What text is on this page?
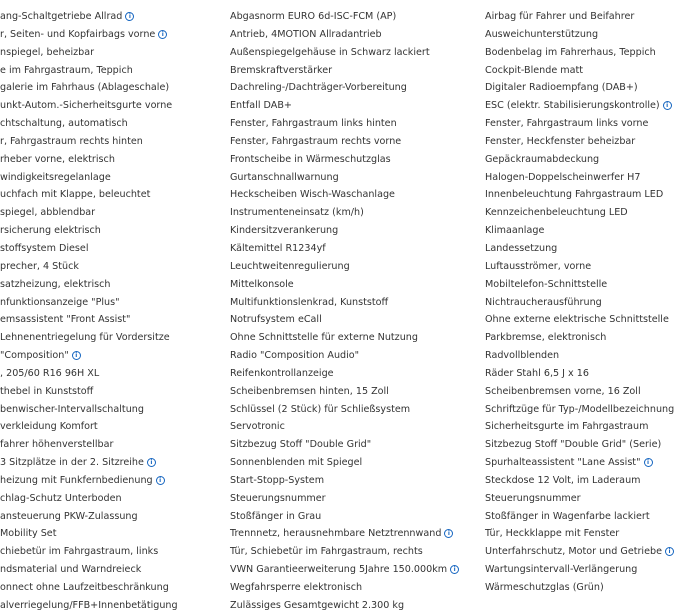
ang-Schaltgetriebe Allrad i
r, Seiten- und Kopfairbags vorne i
nspiegel, beheizbar
e im Fahrgastraum, Teppich
galerie im Fahrhaus (Ablageschale)
unkt-Autom.-Sicherheitsgurte vorne
chtschaltung, automatisch
r, Fahrgastraum rechts hinten
rheber vorne, elektrisch
windigkeitsregelanlage
uchfach mit Klappe, beleuchtet
spiegel, abblendbar
rsicherung elektrisch
stoffsystem Diesel
precher, 4 Stück
satzheizung, elektrisch
nfunktionsanzeige "Plus"
emsassistent "Front Assist"
Lehnenentriegelung für Vordersitze
"Composition" i
, 205/60 R16 96H XL
thebel in Kunststoff
benwischer-Intervallschaltung
verkleidung Komfort
fahrer höhenverstellbar
3 Sitzplätze in der 2. Sitzreihe i
heizung mit Funkfernbedienung i
chlag-Schutz Unterboden
ansteuerung PKW-Zulassung
Mobility Set
chiebetür im Fahrgastraum, links
ndsmaterial und Warndreieck
onnect ohne Laufzeitbeschränkung
alverriegelung/FFB+Innenbetätigung
Abgasnorm EURO 6d-ISC-FCM (AP)
Antrieb, 4MOTION Allradantrieb
Außenspiegelgehäuse in Schwarz lackiert
Bremskraftverstärker
Dachreling-/Dachträger-Vorbereitung
Entfall DAB+
Fenster, Fahrgastraum links hinten
Fenster, Fahrgastraum rechts vorne
Frontscheibe in Wärmeschutzglas
Gurtanschnallwarnung
Heckscheiben Wisch-Waschanlage
Instrumenteneinsatz (km/h)
Kindersitzverankerung
Kältemittel R1234yf
Leuchtweitenregulierung
Mittelkonsole
Multifunktionslenkrad, Kunststoff
Notrufsystem eCall
Ohne Schnittstelle für externe Nutzung
Radio "Composition Audio"
Reifenkontrollanzeige
Scheibenbremsen hinten, 15 Zoll
Schlüssel (2 Stück) für Schließsystem
Servotronic
Sitzbezug Stoff "Double Grid"
Sonnenblenden mit Spiegel
Start-Stopp-System
Steuerungsnummer
Stoßfänger in Grau
Trennnetz, herausnehmbare Netztrennwand i
Tür, Schiebetür im Fahrgastraum, rechts
VWN Garantieerweiterung 5Jahre 150.000km i
Wegfahrsperre elektronisch
Zulässiges Gesamtgewicht 2.300 kg
Airbag für Fahrer und Beifahrer
Ausweichunterstützung
Bodenbelag im Fahrerhaus, Teppich
Cockpit-Blende matt
Digitaler Radioempfang (DAB+)
ESC (elektr. Stabilisierungskontrolle) i
Fenster, Fahrgastraum links vorne
Fenster, Heckfenster beheizbar
Gepäckraumabdeckung
Halogen-Doppelscheinwerfer H7
Innenbeleuchtung Fahrgastraum LED
Kennzeichenbeleuchtung LED
Klimaanlage
Landessetzung
Luftausströmer, vorne
Mobiltelefon-Schnittstelle
Nichtraucherausführung
Ohne externe elektrische Schnittstelle
Parkbremse, elektronisch
Radvollblenden
Räder Stahl 6,5 J x 16
Scheibenbremsen vorne, 16 Zoll
Schriftzüge für Typ-/Modellbezeichnung
Sicherheitsgurte im Fahrgastraum
Sitzbezug Stoff "Double Grid" (Serie)
Spurhalteassistent "Lane Assist" i
Steckdose 12 Volt, im Laderaum
Steuerungsnummer
Stoßfänger in Wagenfarbe lackiert
Tür, Heckklappe mit Fenster
Unterfahrschutz, Motor und Getriebe i
Wartungsintervall-Verlängerung
Wärmeschutzglas (Grün)
